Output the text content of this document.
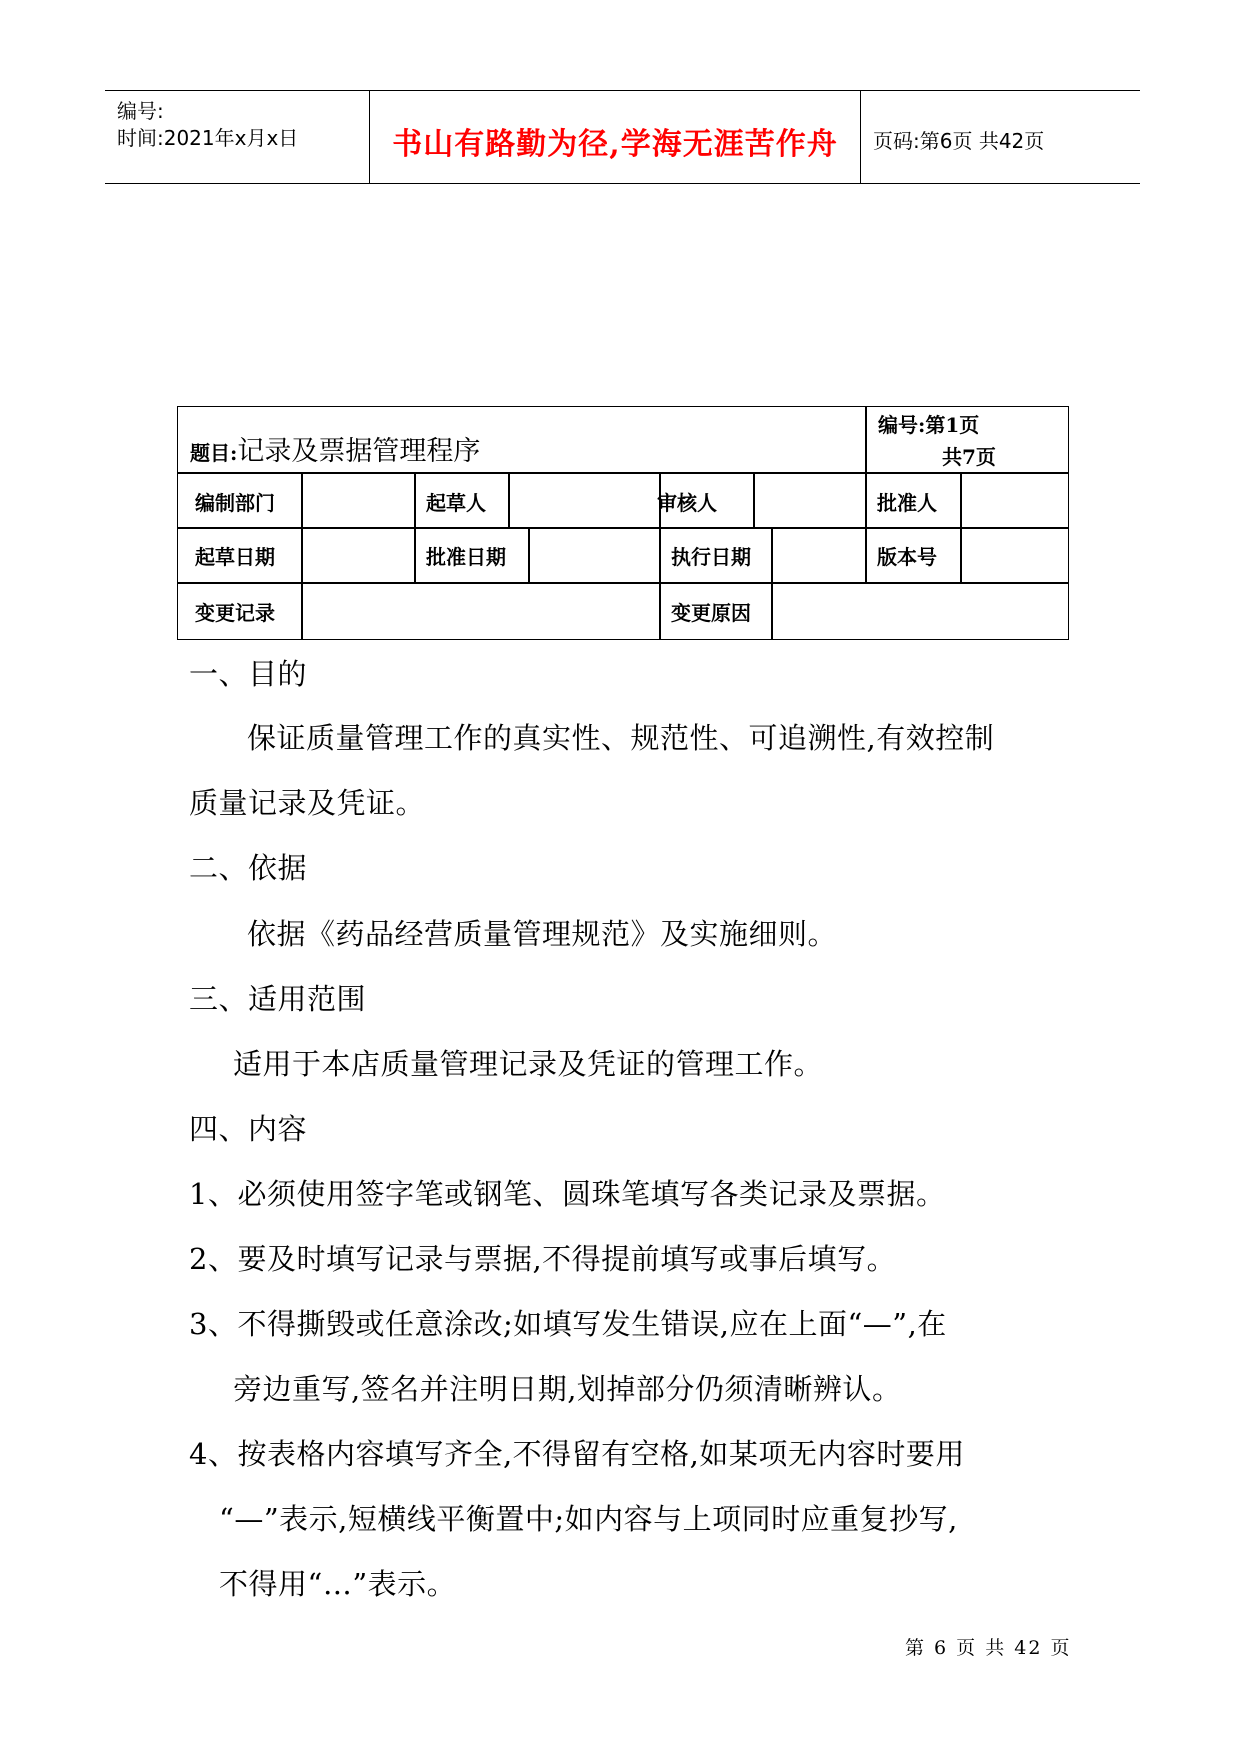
编号:
时间:2021年x月x日	书山有路勤为径,学海无涯苦作舟	页码:第6页 共42页
题目:记录及票据管理程序
编号:第1页
共7页
编制部门	起草人	审核人	批准人
起草日期	批准日期	执行日期	版本号
变更记录	变更原因
一、目的
保证质量管理工作的真实性、规范性、可追溯性,有效控制
质量记录及凭证。
二、依据
依据《药品经营质量管理规范》及实施细则。
三、适用范围
适用于本店质量管理记录及凭证的管理工作。
四、内容
1、必须使用签字笔或钢笔、圆珠笔填写各类记录及票据。
2、要及时填写记录与票据,不得提前填写或事后填写。
3、不得撕毁或任意涂改;如填写发生错误,应在上面“—”,在
旁边重写,签名并注明日期,划掉部分仍须清晰辨认。
4、按表格内容填写齐全,不得留有空格,如某项无内容时要用
“—”表示,短横线平衡置中;如内容与上项同时应重复抄写,
不得用“…”表示。
第 6 页 共 42 页
